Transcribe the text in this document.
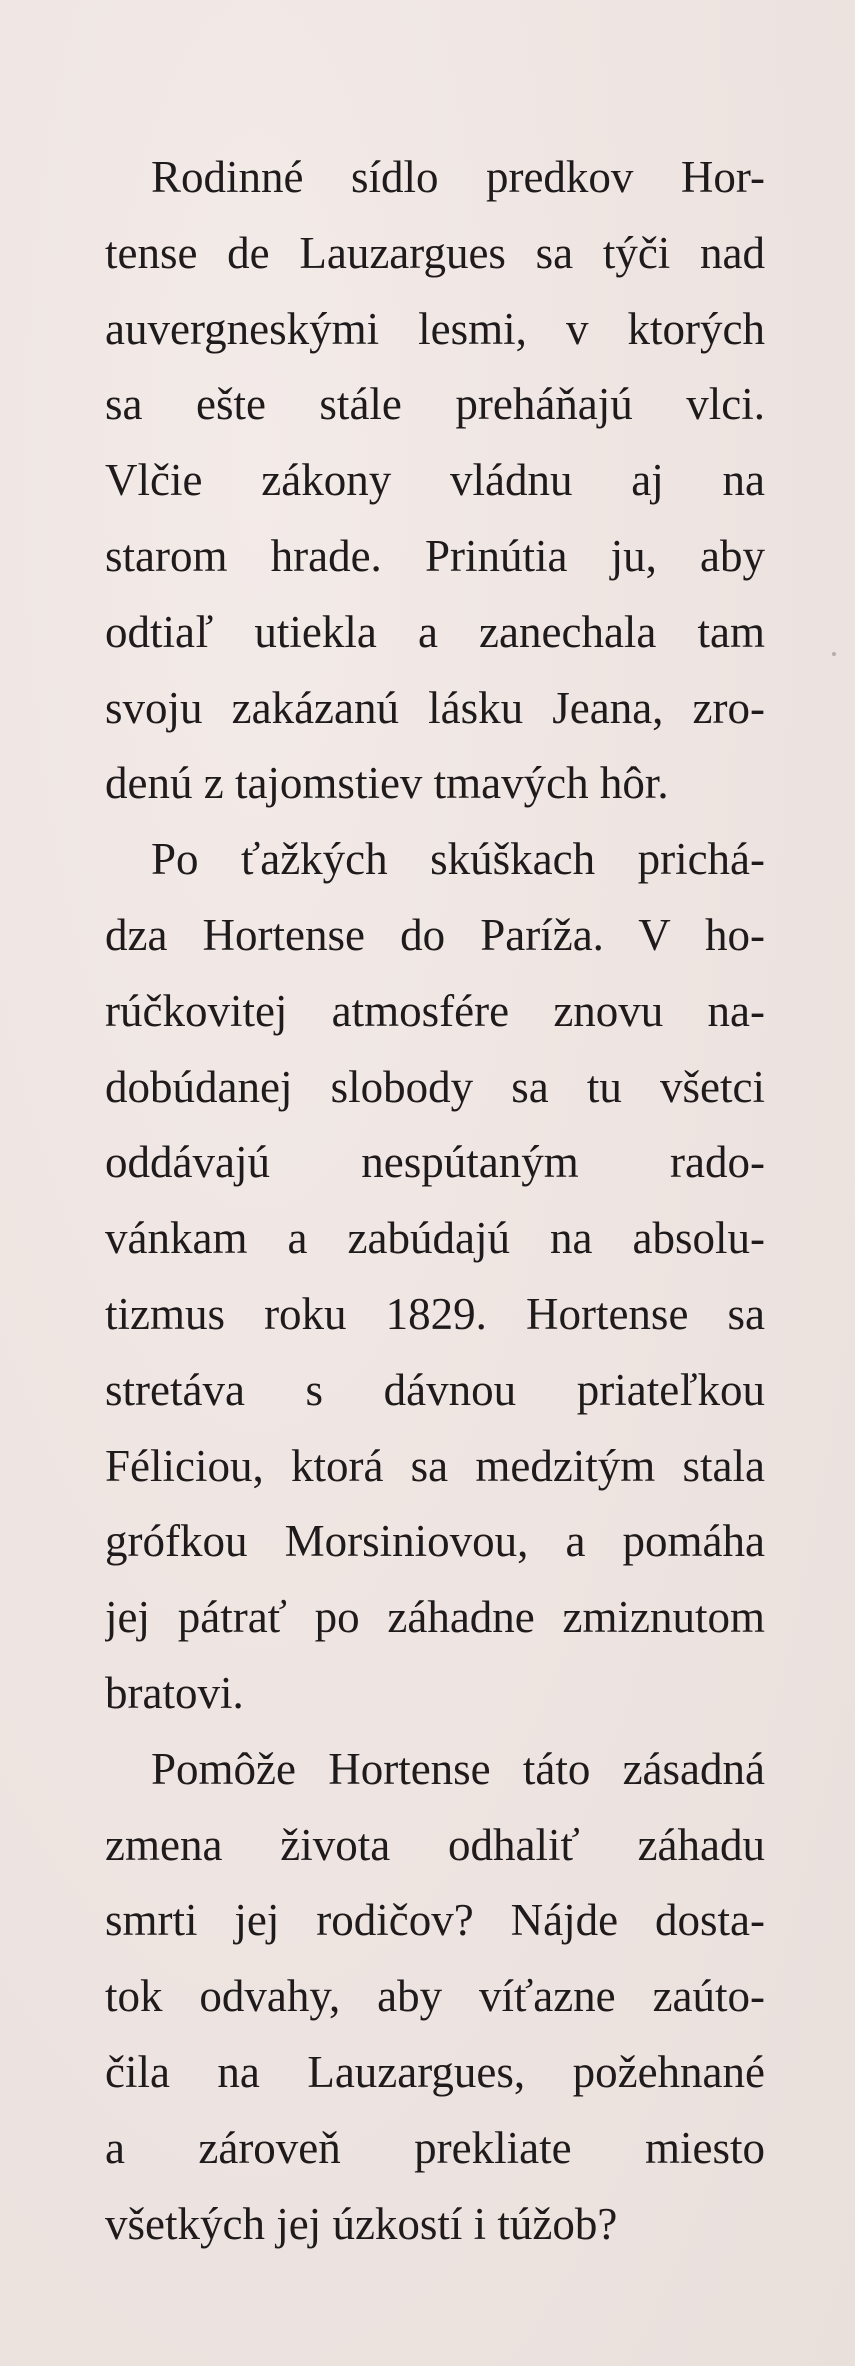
Rodinné sídlo predkov Hor-
tense de Lauzargues sa týči nad
auvergneskými lesmi, v ktorých
sa ešte stále preháňajú vlci.
Vlčie zákony vládnu aj na
starom hrade. Prinútia ju, aby
odtiaľ utiekla a zanechala tam
svoju zakázanú lásku Jeana, zro-
denú z tajomstiev tmavých hôr.
Po ťažkých skúškach prichá-
dza Hortense do Paríža. V ho-
rúčkovitej atmosfére znovu na-
dobúdanej slobody sa tu všetci
oddávajú nespútaným rado-
vánkam a zabúdajú na absolu-
tizmus roku 1829. Hortense sa
stretáva s dávnou priateľkou
Féliciou, ktorá sa medzitým stala
grófkou Morsiniovou, a pomáha
jej pátrať po záhadne zmiznutom
bratovi.
Pomôže Hortense táto zásadná
zmena života odhaliť záhadu
smrti jej rodičov? Nájde dosta-
tok odvahy, aby víťazne zaúto-
čila na Lauzargues, požehnané
a zároveň prekliate miesto
všetkých jej úzkostí i túžob?
